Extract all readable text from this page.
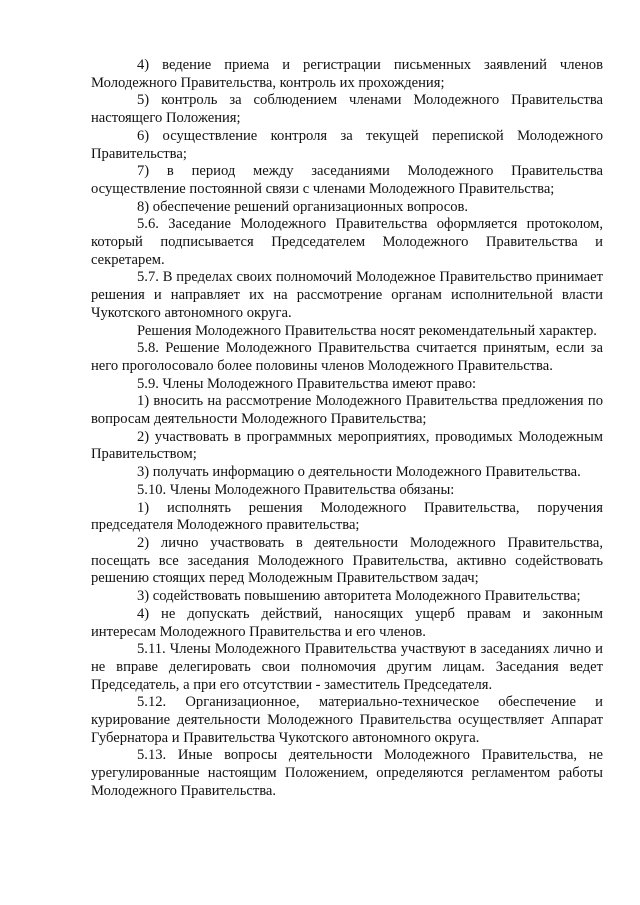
4) ведение приема и регистрации письменных заявлений членов Молодежного Правительства, контроль их прохождения;

5) контроль за соблюдением членами Молодежного Правительства настоящего Положения;

6) осуществление контроля за текущей перепиской Молодежного Правительства;

7) в период между заседаниями Молодежного Правительства осуществление постоянной связи с членами Молодежного Правительства;

8) обеспечение решений организационных вопросов.

5.6. Заседание Молодежного Правительства оформляется протоколом, который подписывается Председателем Молодежного Правительства и секретарем.

5.7. В пределах своих полномочий Молодежное Правительство принимает решения и направляет их на рассмотрение органам исполнительной власти Чукотского автономного округа.

Решения Молодежного Правительства носят рекомендательный характер.

5.8. Решение Молодежного Правительства считается принятым, если за него проголосовало более половины членов Молодежного Правительства.

5.9. Члены Молодежного Правительства имеют право:

1) вносить на рассмотрение Молодежного Правительства предложения по вопросам деятельности Молодежного Правительства;

2) участвовать в программных мероприятиях, проводимых Молодежным Правительством;

3) получать информацию о деятельности Молодежного Правительства.

5.10. Члены Молодежного Правительства обязаны:

1) исполнять решения Молодежного Правительства, поручения председателя Молодежного правительства;

2) лично участвовать в деятельности Молодежного Правительства, посещать все заседания Молодежного Правительства, активно содействовать решению стоящих перед Молодежным Правительством задач;

3) содействовать повышению авторитета Молодежного Правительства;

4) не допускать действий, наносящих ущерб правам и законным интересам Молодежного Правительства и его членов.

5.11. Члены Молодежного Правительства участвуют в заседаниях лично и не вправе делегировать свои полномочия другим лицам. Заседания ведет Председатель, а при его отсутствии - заместитель Председателя.

5.12. Организационное, материально-техническое обеспечение и курирование деятельности Молодежного Правительства осуществляет Аппарат Губернатора и Правительства Чукотского автономного округа.

5.13. Иные вопросы деятельности Молодежного Правительства, не урегулированные настоящим Положением, определяются регламентом работы Молодежного Правительства.
